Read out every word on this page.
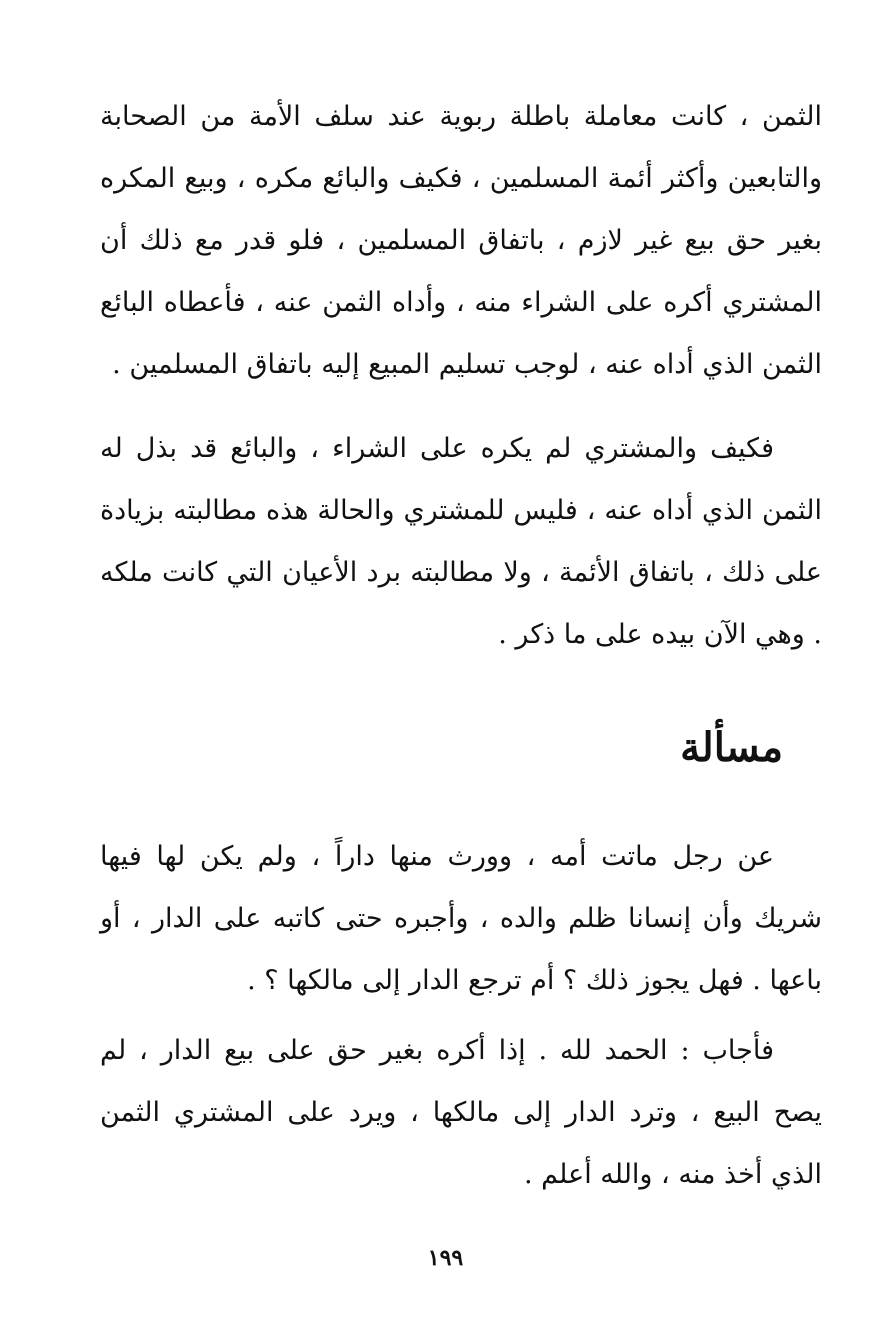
الثمن ، كانت معاملة باطلة ربوية عند سلف الأمة من الصحابة والتابعين وأكثر أئمة المسلمين ، فكيف والبائع مكره ، وبيع المكره بغير حق بيع غير لازم ، باتفاق المسلمين ، فلو قدر مع ذلك أن المشتري أكره على الشراء منه ، وأداه الثمن عنه ، فأعطاه البائع الثمن الذي أداه عنه ، لوجب تسليم المبيع إليه باتفاق المسلمين .

فكيف والمشتري لم يكره على الشراء ، والبائع قد بذل له الثمن الذي أداه عنه ، فليس للمشتري والحالة هذه مطالبته بزيادة على ذلك ، باتفاق الأئمة ، ولا مطالبته برد الأعيان التي كانت ملكه . وهي الآن بيده على ما ذكر .

مسألة

عن رجل ماتت أمه ، وورث منها داراً ، ولم يكن لها فيها شريك وأن إنسانا ظلم والده ، وأجبره حتى كاتبه على الدار ، أو باعها . فهل يجوز ذلك ؟ أم ترجع الدار إلى مالكها ؟ .

فأجاب : الحمد لله . إذا أكره بغير حق على بيع الدار ، لم يصح البيع ، وترد الدار إلى مالكها ، ويرد على المشتري الثمن الذي أخذ منه ، والله أعلم .

١٩٩
